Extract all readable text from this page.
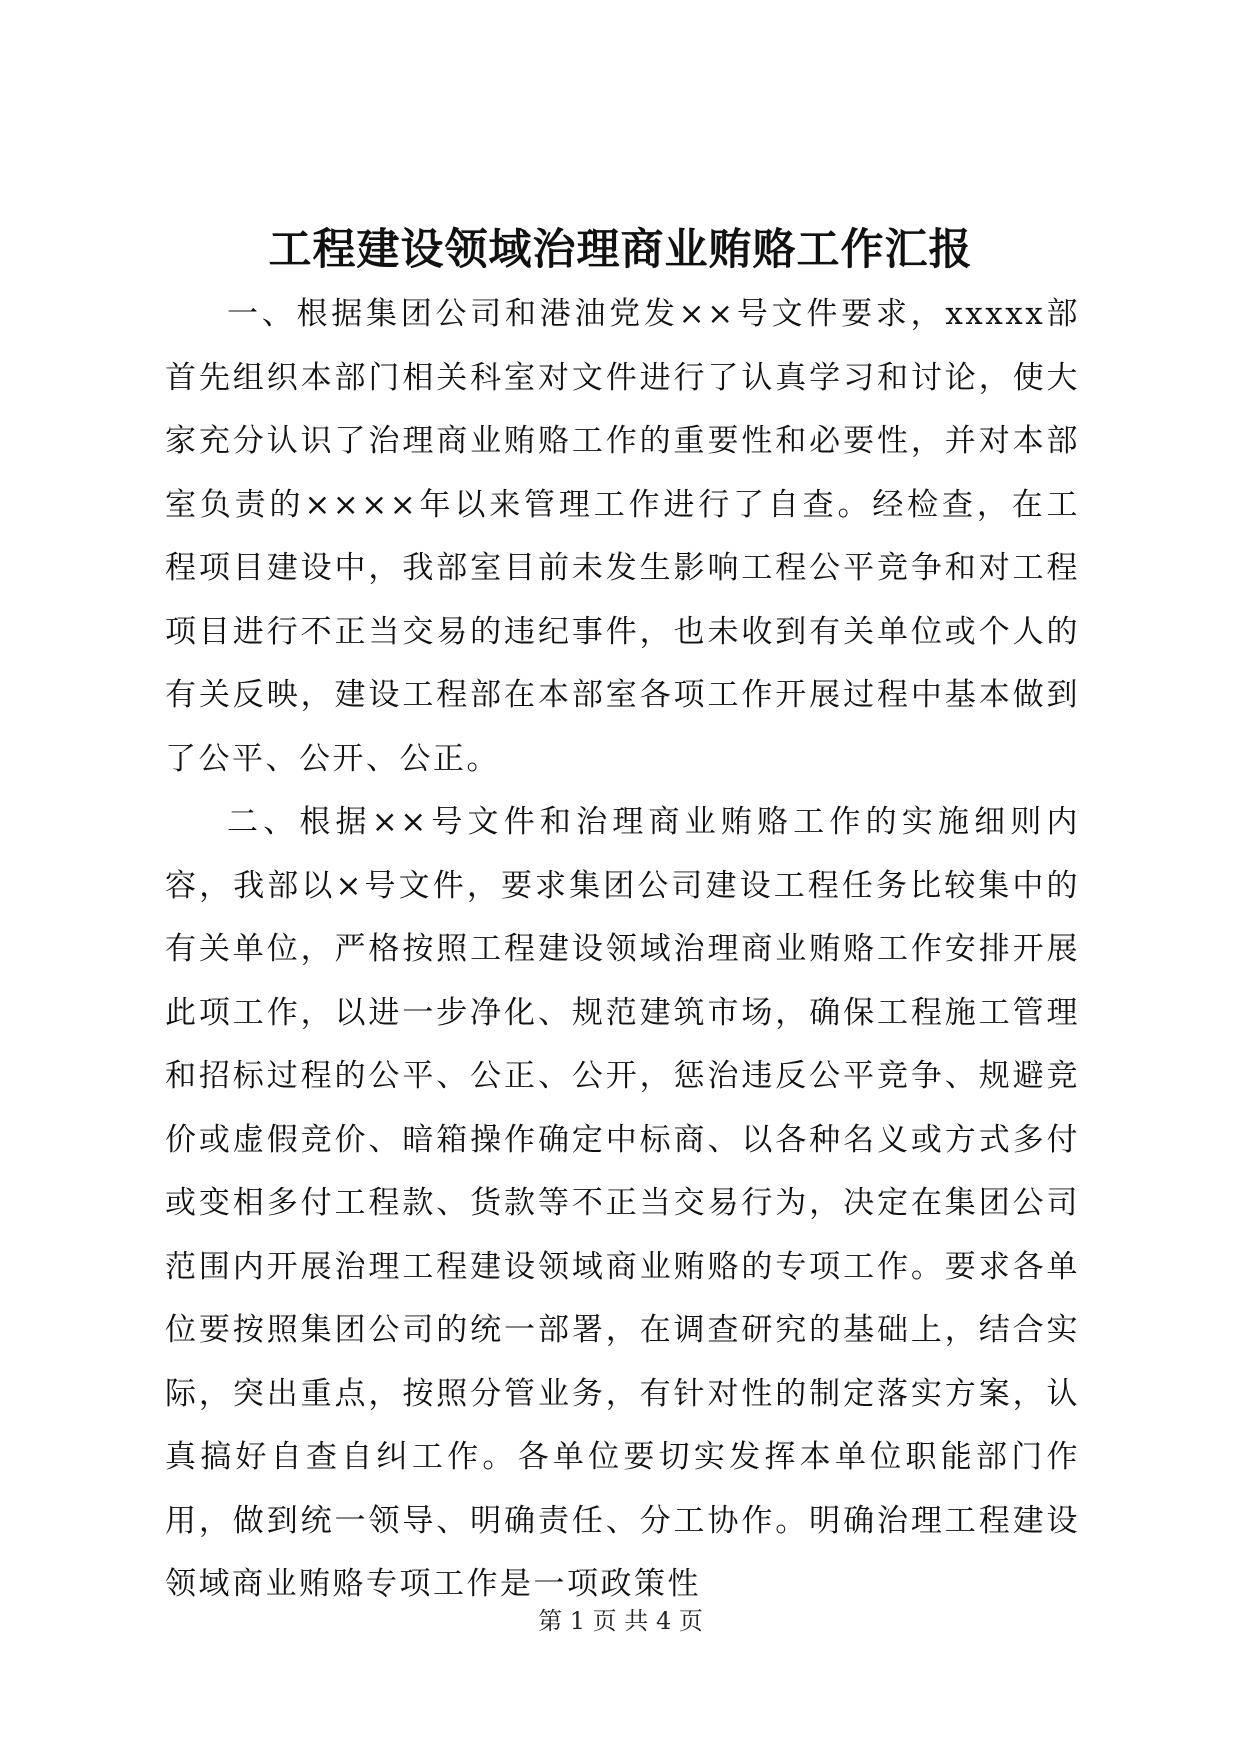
工程建设领域治理商业贿赂工作汇报

一、根据集团公司和港油党发××号文件要求，xxxxx部首先组织本部门相关科室对文件进行了认真学习和讨论，使大家充分认识了治理商业贿赂工作的重要性和必要性，并对本部室负责的××××年以来管理工作进行了自查。经检查，在工程项目建设中，我部室目前未发生影响工程公平竞争和对工程项目进行不正当交易的违纪事件，也未收到有关单位或个人的有关反映，建设工程部在本部室各项工作开展过程中基本做到了公平、公开、公正。

二、根据××号文件和治理商业贿赂工作的实施细则内容，我部以×号文件，要求集团公司建设工程任务比较集中的有关单位，严格按照工程建设领域治理商业贿赂工作安排开展此项工作，以进一步净化、规范建筑市场，确保工程施工管理和招标过程的公平、公正、公开，惩治违反公平竞争、规避竞价或虚假竞价、暗箱操作确定中标商、以各种名义或方式多付或变相多付工程款、货款等不正当交易行为，决定在集团公司范围内开展治理工程建设领域商业贿赂的专项工作。要求各单位要按照集团公司的统一部署，在调查研究的基础上，结合实际，突出重点，按照分管业务，有针对性的制定落实方案，认真搞好自查自纠工作。各单位要切实发挥本单位职能部门作用，做到统一领导、明确责任、分工协作。明确治理工程建设领域商业贿赂专项工作是一项政策性

第 1 页 共 4 页
